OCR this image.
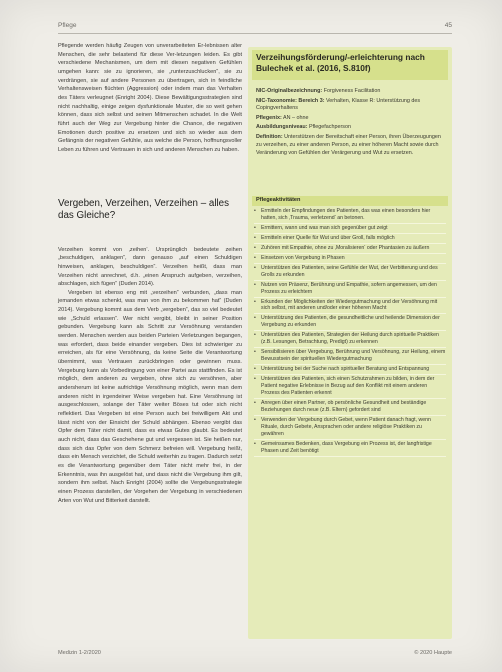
Pflege	45

Pflegende werden häufig Zeugen von unverarbeiteten Er-lebnissen alter Menschen, die sehr belastend für diese Ver-letzungen leiden. Es gibt verschiedene Mechanismen, um dem mit diesen negativen Gefühlen umgehen kann: sie zu ignorieren, sie „runterzuschlucken“, sie zu verdrängen, sie auf andere Personen zu übertragen, sich in feindliche Verhaltensweisen flüchten (Aggression) oder indem man das Verhalten des Täters verleugnet (Enright 2004). Diese Bewältigungsstrategien sind nicht nachhaltig, einige zeigen dysfunktionale Muster, die so weit gehen können, dass sich selbst und seinen Mitmenschen schadet. In die Welt führt auch der Weg zur Vergebung hinter die Chance, die negativen Emotionen durch positive zu ersetzen und sich so wieder aus dem Gefängnis der negativen Gefühle, aus welche die Person, hoffnungsvoller Leben zu führen und Vertrauen in sich und anderen Menschen zu haben.

Vergeben, Verzeihen, Verzeihen – alles das Gleiche?

Verzeihen kommt von ‚zeihen‘. Ursprünglich bedeutete zeihen „beschuldigen, anklagen“, dann genauso „auf einen Schuldigen hinweisen, anklagen, beschuldigen“. Verzeihen heißt, dass man Verzeihen nicht anrechnet, d.h. „einen Anspruch aufgeben, verzeihen, abschlagen, sich fügen“ (Duden 2014).

Vergeben ist ebenso eng mit „verzeihen“ verbunden, „dass man jemanden etwas schenkt, was man von ihm zu bekommen hat“ (Duden 2014). Vergebung kommt aus dem Verb „vergeben“, das so viel bedeutet wie „Schuld erlassen“. Wer nicht vergibt, bleibt in seiner Position gebunden. Vergebung kann als Schritt zur Versöhnung verstanden werden. Menschen werden aus beiden Parteien Verletzungen begangen, was erfordert, dass beide einander vergeben. Dies ist schwieriger zu erreichen, als für eine Versöhnung, da keine Seite die Verantwortung übernimmt, was Vertrauen zurückbringen oder gewinnen muss. Vergebung kann als Vorbedingung von einer Partei aus stattfinden. Es ist möglich, dem anderen zu vergeben, ohne sich zu versöhnen, aber andersherum ist keine aufrichtige Versöhnung möglich, wenn man dem anderen nicht in irgendeiner Weise vergeben hat. Eine Versöhnung ist ausgeschlossen, solange der Täter weiter Böses tut oder sich nicht reflektiert. Das Vergeben ist eine Person auch bei freiwilligem Akt und lässt nicht von der Einsicht der Schuld abhängen. Ebenso vergibt das Opfer dem Täter nicht damit, dass es etwas Gutes glaubt. Es bedeutet auch nicht, dass das Geschehene gut und vergessen ist. Sie heißen nur, dass sich das Opfer von dem Schmerz befreien will. Vergebung heißt, dass ein Mensch verzichtet, die Schuld weiterhin zu tragen. Dadurch setzt es die Verantwortung gegenüber dem Täter nicht mehr frei, in der Erkenntnis, was ihn ausgelöst hat, und dass nicht die Vergebung ihm gilt, sondern ihm selbst. Nach Enright (2004) sollte die Vergebungsstrategie einen Prozess darstellen, der Vorgehen der Vergebung in verschiedenen Arten von Wut und Bitterkeit darstellt.

Verzeihungsförderung/-erleichterung nach Bulechek et al. (2016, S.810f)
NIC-Originalbezeichnung: Forgiveness Facilitation
NIC-Taxonomie: Bereich 3: Verhalten, Klasse R: Unterstützung des Copingverhaltens
Pflegenix: AN – ohne
Ausbildungsniveau: Pflegefachperson
Definition: Unterstützen der Bereitschaft einer Person, ihren Überzeugungen zu verzeihen, zu einer anderen Person, zu einer höheren Macht sowie durch Veränderung von Gefühlen der Verärgerung und Wut zu ersetzen.
Pflegeaktivitäten
• Ermitteln der Empfindungen des Patienten, das was einen besonders hier hatten, sich ‚Trauma, verletzend‘ an betonen.
• Ermittern, wann und was man sich gegenüber gut zeigt
• Ermitteln einer Quelle für Wut und über Groll, falls möglich
• Zuhören mit Empathie, ohne zu ‚Moralisieren‘ oder Phantasien zu äußern
• Einsetzen von Vergebung in Phasen
• Unterstützen des Patienten, seine Gefühle der Wut, der Verbitterung und des Grolls zu erkunden
• Nutzen von Präsenz, Berührung und Empathie, sofern angemessen, um den Prozess zu erleichtern
• Erkunden der Möglichkeiten der Wiedergutmachung und der Versöhnung mit sich selbst, mit anderen und/oder einer höheren Macht
• Unterstützung des Patienten, die gesundheitliche und heilende Dimension der Vergebung zu erkunden
• Unterstützen des Patienten, Strategien der Heilung durch spirituelle Praktiken (z.B. Lesungen, Betrachtung, Predigt) zu erkennen
• Sensibilisieren über Vergebung, Berührung und Versöhnung, zur Heilung, einem Bewusstsein der spirituellen Wiedergutmachung
• Unterstützung bei der Suche nach spiritueller Beratung und Entspannung
• Unterstützen des Patienten, sich einen Schutzrahmen zu bilden, in dem der Patient negative Erlebnisse in Bezug auf den Konflikt mit einem anderen Prozess des Patienten erkennt
• Anregen über einen Partner, ob persönliche Gesundheit und beständige Beziehungen durch neue (z.B. Eltern) gefordert sind
• Verwenden der Vergebung durch Gebet, wenn Patient danach fragt, wenn Rituale, durch Gebete, Ansprachen oder andere religiöse Praktiken zu gewähren
• Gemeinsames Bedenken, dass Vergebung ein Prozess ist, der langfristige Phasen und Zeit benötigt
Medizin 1-2/2020	© 2020 Haupte
